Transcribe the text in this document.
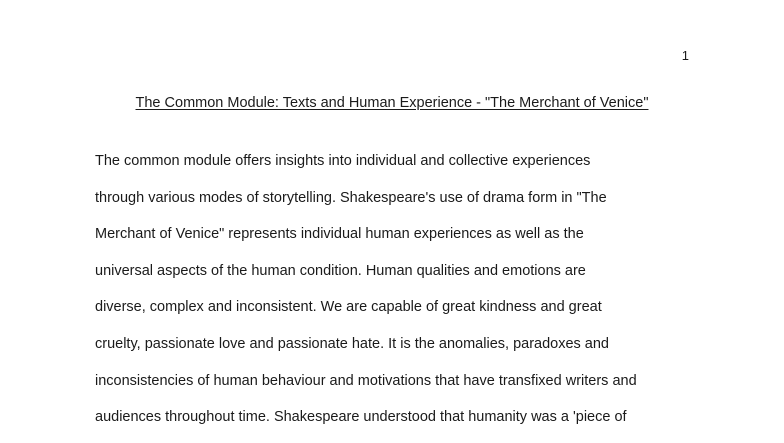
1
The Common Module: Texts and Human Experience - "The Merchant of Venice"
The common module offers insights into individual and collective experiences
through various modes of storytelling. Shakespeare's use of drama form in "The
Merchant of Venice" represents individual human experiences as well as the
universal aspects of the human condition. Human qualities and emotions are
diverse, complex and inconsistent. We are capable of great kindness and great
cruelty, passionate love and passionate hate. It is the anomalies, paradoxes and
inconsistencies of human behaviour and motivations that have transfixed writers and
audiences throughout time. Shakespeare understood that humanity was a 'piece of
